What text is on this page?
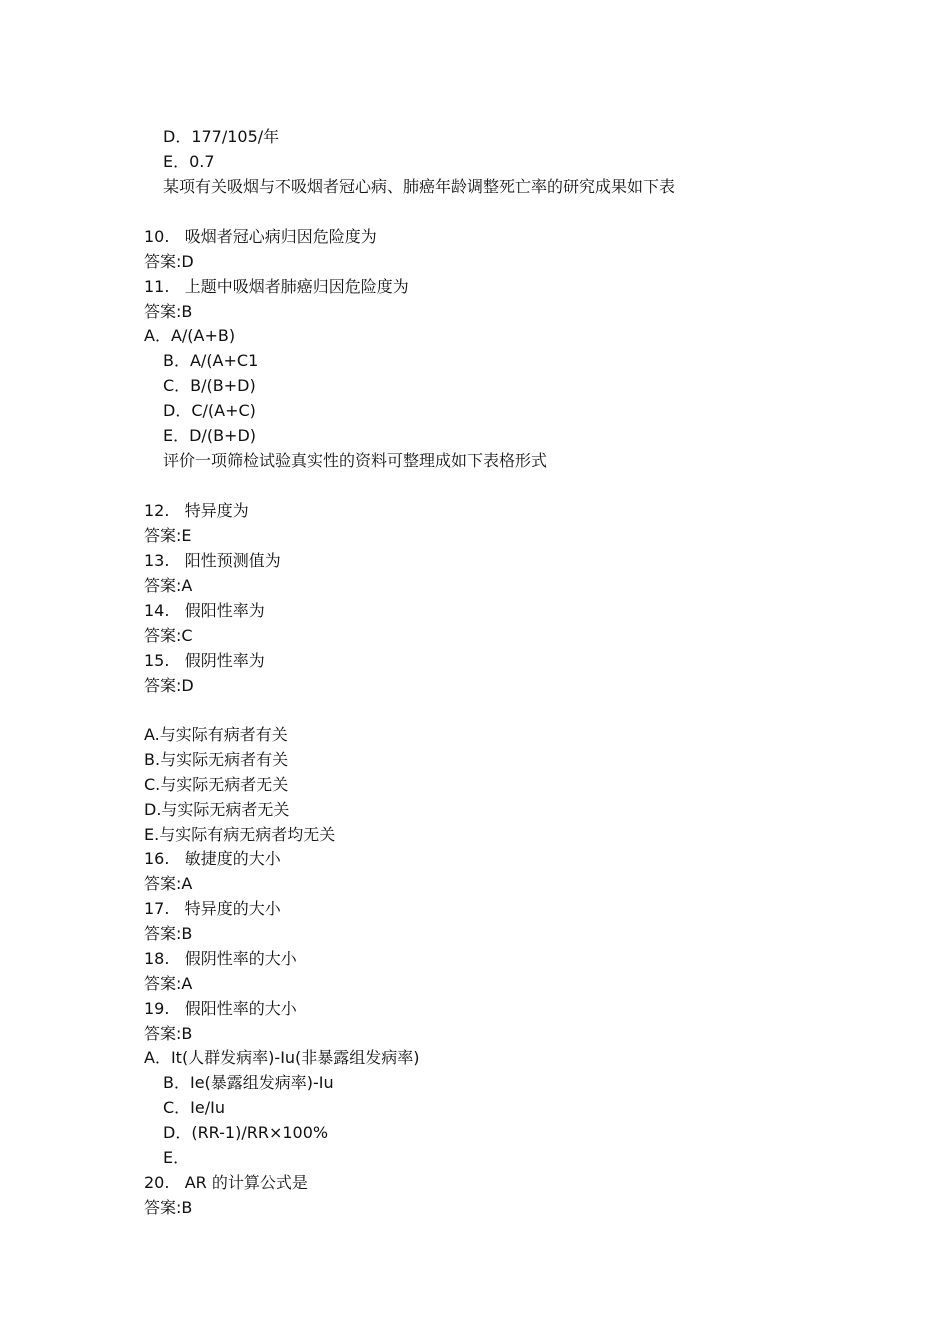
D．177/105/年
E．0.7
某项有关吸烟与不吸烟者冠心病、肺癌年龄调整死亡率的研究成果如下表
10.   吸烟者冠心病归因危险度为
答案:D
11.   上题中吸烟者肺癌归因危险度为
答案:B
A．A/(A+B)
B．A/(A+C1
C．B/(B+D)
D．C/(A+C)
E．D/(B+D)
评价一项筛检试验真实性的资料可整理成如下表格形式
12.   特异度为
答案:E
13.   阳性预测值为
答案:A
14.   假阳性率为
答案:C
15.   假阴性率为
答案:D
A.与实际有病者有关
B.与实际无病者有关
C.与实际无病者无关
D.与实际无病者无关
E.与实际有病无病者均无关
16.   敏捷度的大小
答案:A
17.   特异度的大小
答案:B
18.   假阴性率的大小
答案:A
19.   假阳性率的大小
答案:B
A．It(人群发病率)-Iu(非暴露组发病率)
B．Ie(暴露组发病率)-Iu
C．Ie/Iu
D．(RR-1)/RR×100%
E．
20.   AR 的计算公式是
答案:B
